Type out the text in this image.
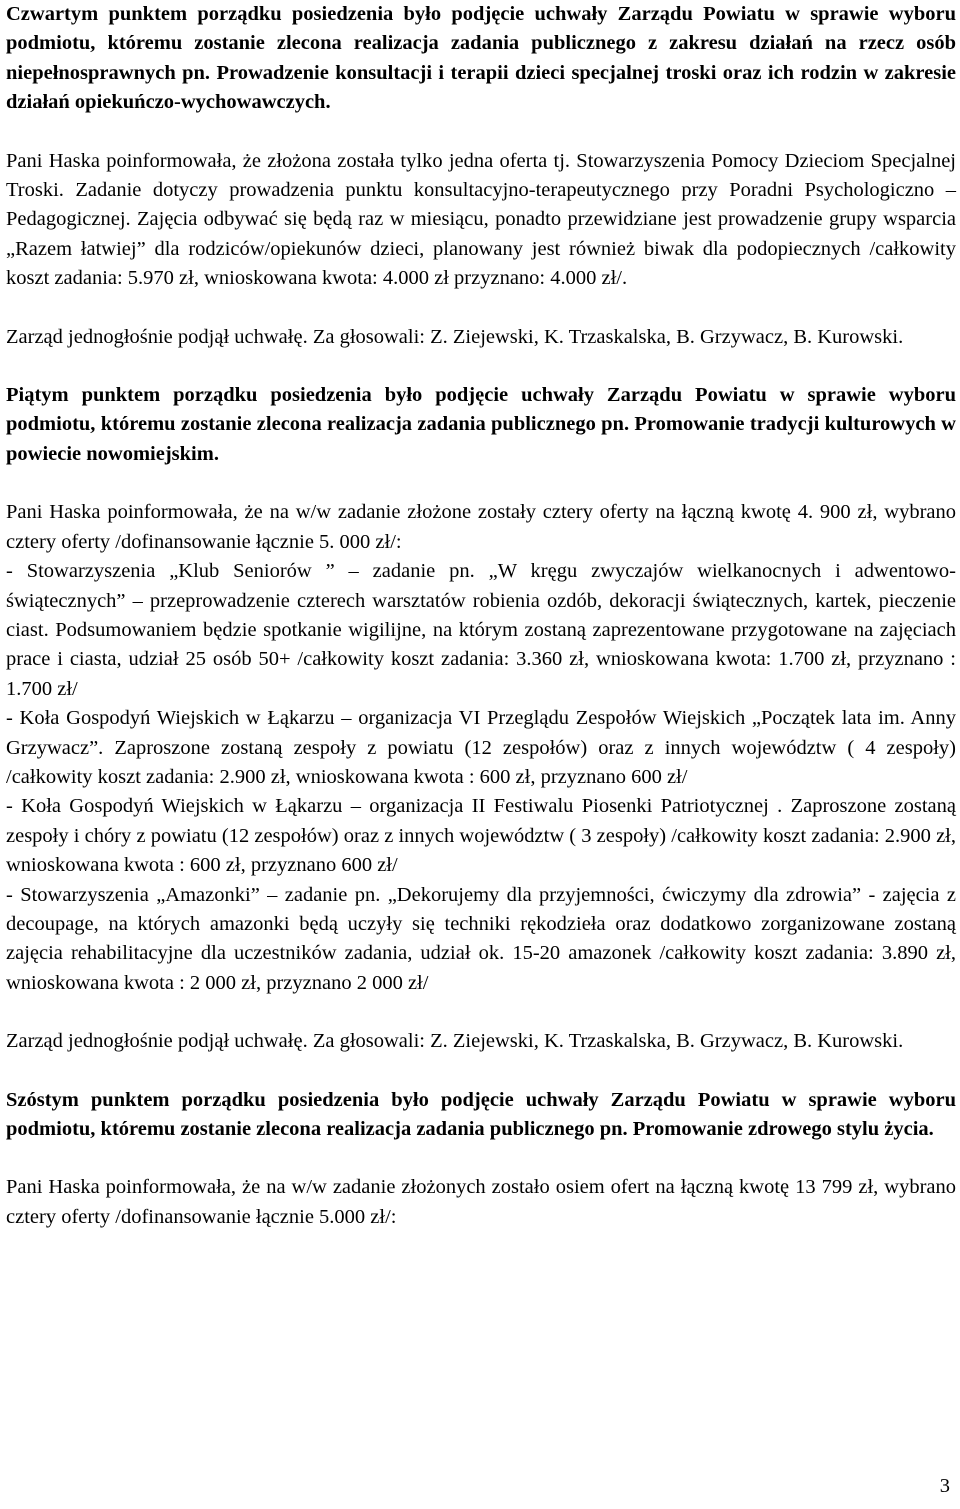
Czwartym punktem porządku posiedzenia było podjęcie uchwały Zarządu Powiatu w sprawie wyboru podmiotu, któremu zostanie zlecona realizacja zadania publicznego z zakresu działań na rzecz osób niepełnosprawnych pn. Prowadzenie konsultacji i terapii dzieci specjalnej troski oraz ich rodzin w zakresie działań opiekuńczo-wychowawczych.

Pani Haska poinformowała, że złożona została tylko jedna oferta tj. Stowarzyszenia Pomocy Dzieciom Specjalnej Troski. Zadanie dotyczy prowadzenia punktu konsultacyjno-terapeutycznego przy Poradni Psychologiczno – Pedagogicznej. Zajęcia odbywać się będą raz w miesiącu, ponadto przewidziane jest prowadzenie grupy wsparcia „Razem łatwiej” dla rodziców/opiekunów dzieci, planowany jest również biwak dla podopiecznych /całkowity koszt zadania: 5.970 zł, wnioskowana kwota: 4.000 zł przyznano: 4.000 zł/.

Zarząd jednogłośnie podjął uchwałę. Za głosowali: Z. Ziejewski, K. Trzaskalska, B. Grzywacz, B. Kurowski.

Piątym punktem porządku posiedzenia było podjęcie uchwały Zarządu Powiatu w sprawie wyboru podmiotu, któremu zostanie zlecona realizacja zadania publicznego pn. Promowanie tradycji kulturowych w powiecie nowomiejskim.

Pani Haska poinformowała, że na w/w zadanie złożone zostały cztery oferty na łączną kwotę 4. 900 zł, wybrano cztery oferty /dofinansowanie łącznie 5. 000 zł/:

- Stowarzyszenia „Klub Seniorów ” – zadanie pn. „W kręgu zwyczajów wielkanocnych i adwentowo-świątecznych” – przeprowadzenie czterech warsztatów robienia ozdób, dekoracji świątecznych, kartek, pieczenie ciast. Podsumowaniem będzie spotkanie wigilijne, na którym zostaną zaprezentowane przygotowane na zajęciach prace i ciasta, udział 25 osób 50+ /całkowity koszt zadania: 3.360 zł, wnioskowana kwota: 1.700 zł, przyznano : 1.700 zł/

- Koła Gospodyń Wiejskich w Łąkarzu – organizacja VI Przeglądu Zespołów Wiejskich „Początek lata im. Anny Grzywacz”. Zaproszone zostaną zespoły z powiatu (12 zespołów) oraz z innych województw ( 4 zespoły) /całkowity koszt zadania: 2.900 zł, wnioskowana kwota : 600 zł, przyznano 600 zł/

- Koła Gospodyń Wiejskich w Łąkarzu – organizacja II Festiwalu Piosenki Patriotycznej . Zaproszone zostaną zespoły i chóry z powiatu (12 zespołów) oraz z innych województw ( 3 zespoły) /całkowity koszt zadania: 2.900 zł, wnioskowana kwota : 600 zł, przyznano 600 zł/

- Stowarzyszenia „Amazonki” – zadanie pn. „Dekorujemy dla przyjemności, ćwiczymy dla zdrowia” - zajęcia z decoupage, na których amazonki będą uczyły się techniki rękodzieła oraz dodatkowo zorganizowane zostaną zajęcia rehabilitacyjne dla uczestników zadania, udział ok. 15-20 amazonek /całkowity koszt zadania: 3.890 zł, wnioskowana kwota : 2 000 zł, przyznano 2 000 zł/

Zarząd jednogłośnie podjął uchwałę. Za głosowali: Z. Ziejewski, K. Trzaskalska, B. Grzywacz, B. Kurowski.

Szóstym punktem porządku posiedzenia było podjęcie uchwały Zarządu Powiatu w sprawie wyboru podmiotu, któremu zostanie zlecona realizacja zadania publicznego pn. Promowanie zdrowego stylu życia.

Pani Haska poinformowała, że na w/w zadanie złożonych zostało osiem ofert na łączną kwotę 13 799 zł, wybrano cztery oferty /dofinansowanie łącznie 5.000 zł/:

3
